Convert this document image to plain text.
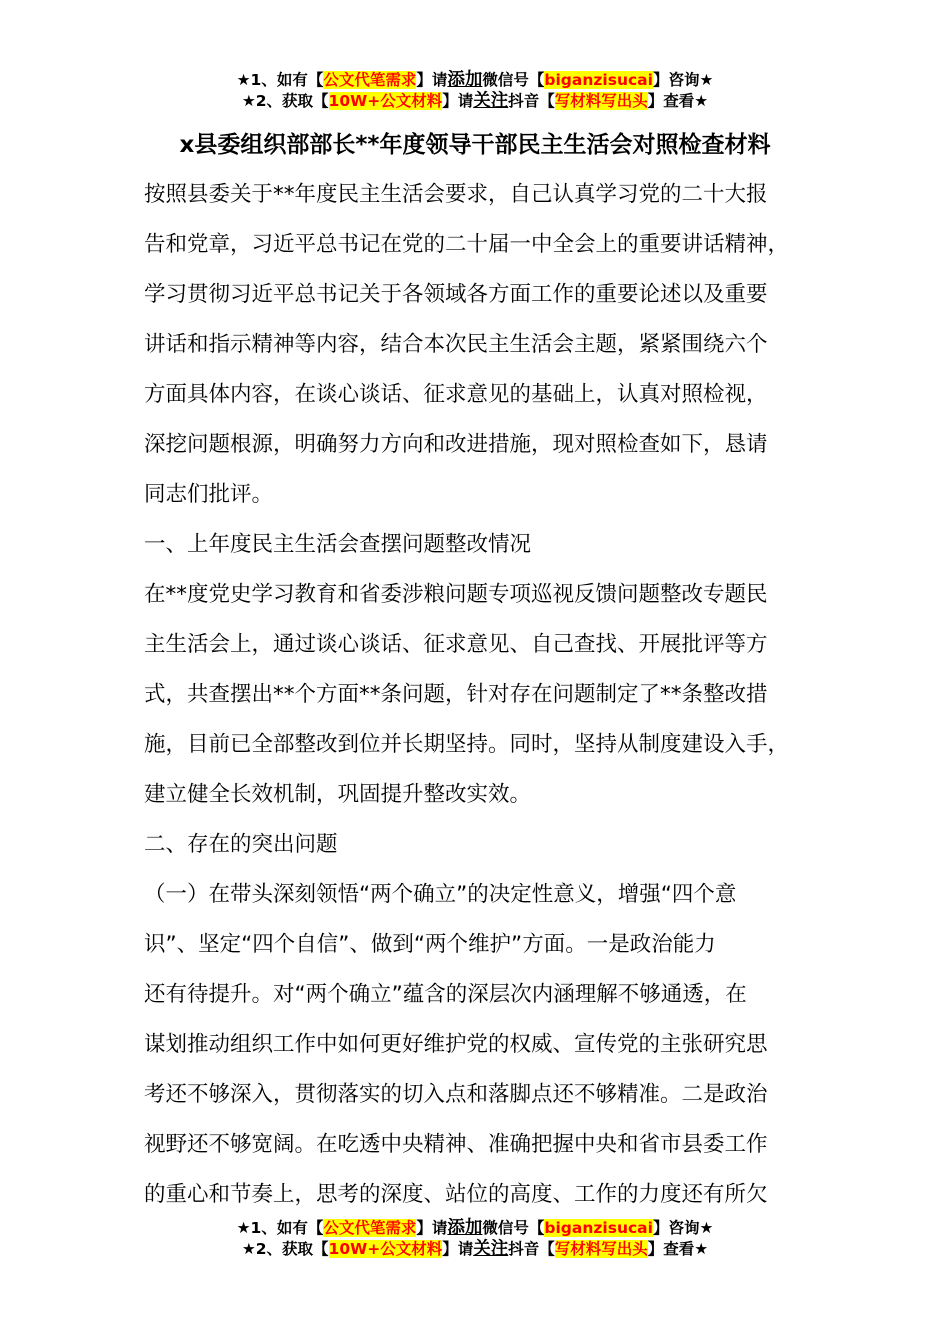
★1、如有【公文代笔需求】请添加微信号【biganzisucai】咨询★
★2、获取【10W+公文材料】请关注抖音【写材料写出头】查看★
x县委组织部部长**年度领导干部民主生活会对照检查材料
按照县委关于**年度民主生活会要求，自己认真学习党的二十大报
告和党章，习近平总书记在党的二十届一中全会上的重要讲话精神，
学习贯彻习近平总书记关于各领域各方面工作的重要论述以及重要
讲话和指示精神等内容，结合本次民主生活会主题，紧紧围绕六个
方面具体内容，在谈心谈话、征求意见的基础上，认真对照检视，
深挖问题根源，明确努力方向和改进措施，现对照检查如下，恳请
同志们批评。
一、上年度民主生活会查摆问题整改情况
在**度党史学习教育和省委涉粮问题专项巡视反馈问题整改专题民
主生活会上，通过谈心谈话、征求意见、自己查找、开展批评等方
式，共查摆出**个方面**条问题，针对存在问题制定了**条整改措
施，目前已全部整改到位并长期坚持。同时，坚持从制度建设入手，
建立健全长效机制，巩固提升整改实效。
二、存在的突出问题
（一）在带头深刻领悟“两个确立”的决定性意义，增强“四个意
识”、坚定“四个自信”、做到“两个维护”方面。一是政治能力
还有待提升。对“两个确立”蕴含的深层次内涵理解不够通透，在
谋划推动组织工作中如何更好维护党的权威、宣传党的主张研究思
考还不够深入，贯彻落实的切入点和落脚点还不够精准。二是政治
视野还不够宽阔。在吃透中央精神、准确把握中央和省市县委工作
的重心和节奏上，思考的深度、站位的高度、工作的力度还有所欠
★1、如有【公文代笔需求】请添加微信号【biganzisucai】咨询★
★2、获取【10W+公文材料】请关注抖音【写材料写出头】查看★
